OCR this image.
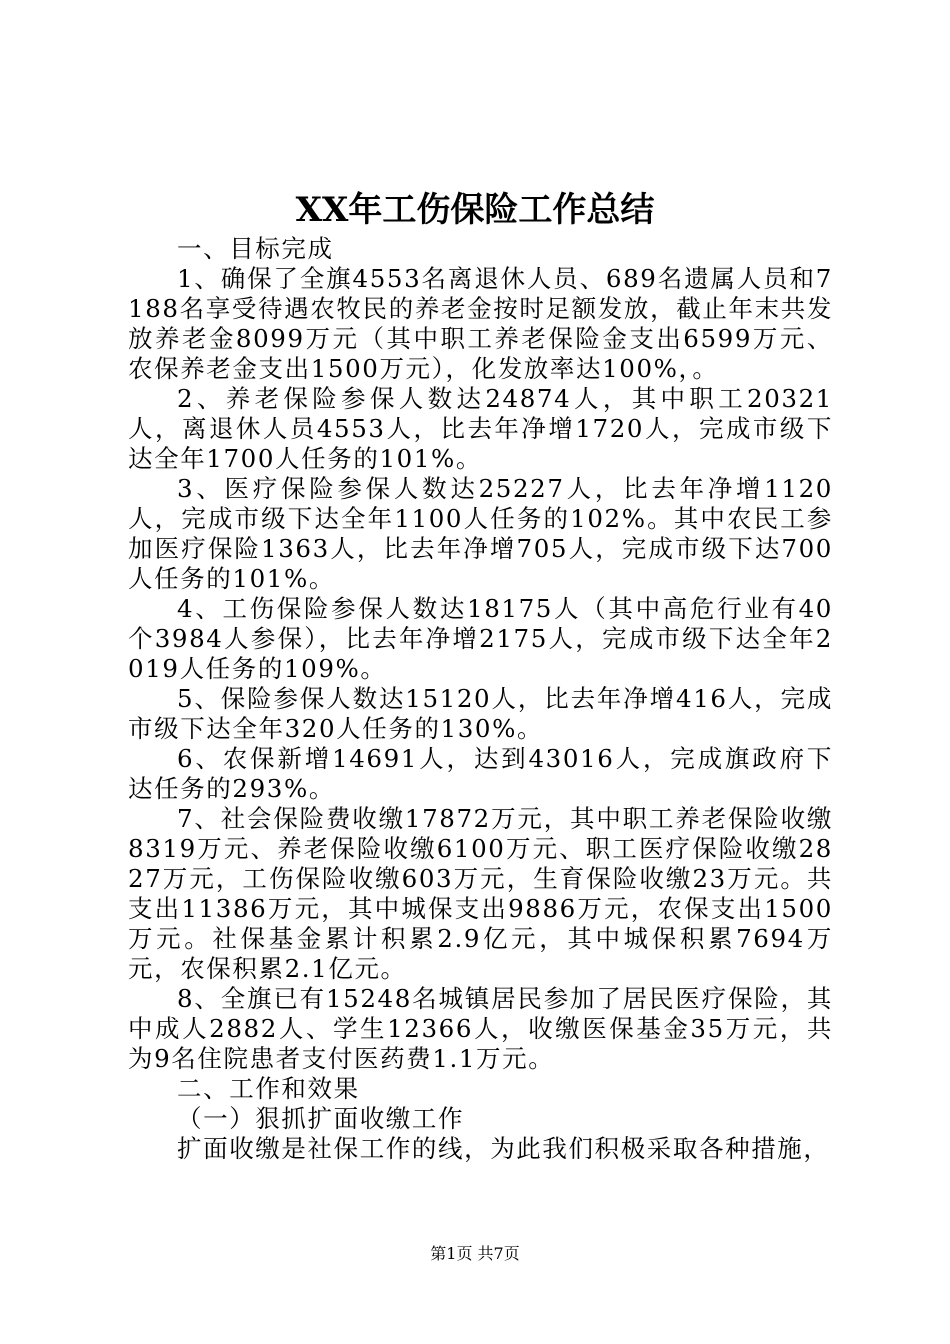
XX年工伤保险工作总结

一、目标完成

1、确保了全旗4553名离退休人员、689名遗属人员和7188名享受待遇农牧民的养老金按时足额发放，截止年末共发放养老金8099万元（其中职工养老保险金支出6599万元、农保养老金支出1500万元），化发放率达100%，。

2、养老保险参保人数达24874人，其中职工20321人，离退休人员4553人，比去年净增1720人，完成市级下达全年1700人任务的101%。

3、医疗保险参保人数达25227人，比去年净增1120人，完成市级下达全年1100人任务的102%。其中农民工参加医疗保险1363人，比去年净增705人，完成市级下达700人任务的101%。

4、工伤保险参保人数达18175人（其中高危行业有40个3984人参保），比去年净增2175人，完成市级下达全年2019人任务的109%。

5、保险参保人数达15120人，比去年净增416人，完成市级下达全年320人任务的130%。

6、农保新增14691人，达到43016人，完成旗政府下达任务的293%。

7、社会保险费收缴17872万元，其中职工养老保险收缴8319万元、养老保险收缴6100万元、职工医疗保险收缴2827万元，工伤保险收缴603万元，生育保险收缴23万元。共支出11386万元，其中城保支出9886万元，农保支出1500万元。社保基金累计积累2.9亿元，其中城保积累7694万元，农保积累2.1亿元。

8、全旗已有15248名城镇居民参加了居民医疗保险，其中成人2882人、学生12366人，收缴医保基金35万元，共为9名住院患者支付医药费1.1万元。

二、工作和效果

（一）狠抓扩面收缴工作

扩面收缴是社保工作的线，为此我们积极采取各种措施，

第1页 共7页
